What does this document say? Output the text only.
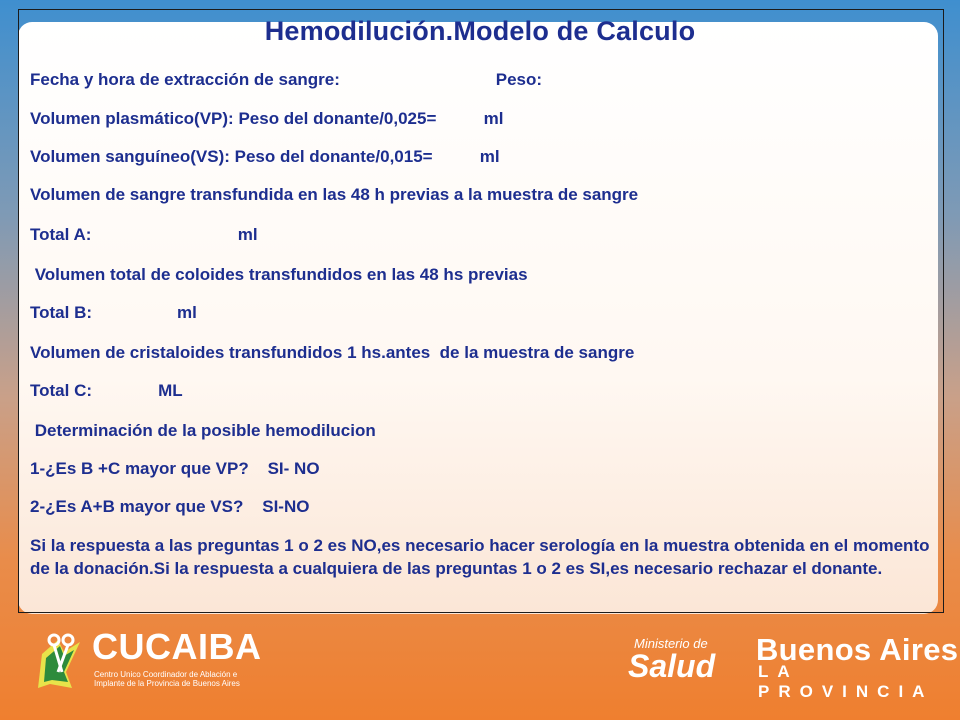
Hemodilución.Modelo de Calculo
Fecha y hora de extracción de sangre:                                 Peso:
Volumen plasmático(VP): Peso del donante/0,025=          ml
Volumen sanguíneo(VS): Peso del donante/0,015=          ml
Volumen de sangre transfundida en las 48 h previas a la muestra de sangre
Total A:                               ml
Volumen total de coloides transfundidos en las 48 hs previas
Total B:                  ml
Volumen de cristaloides transfundidos 1 hs.antes  de la muestra de sangre
Total C:              ML
Determinación de la posible hemodilucion
1-¿Es B +C mayor que VP?    SI- NO
2-¿Es A+B mayor que VS?    SI-NO
Si la respuesta a las preguntas 1 o 2 es NO,es necesario hacer serología en la muestra obtenida en el momento de la donación.Si la respuesta a cualquiera de las preguntas 1 o 2 es SI,es necesario rechazar el donante.
CUCAIBA
Centro Unico Coordinador de Ablación e Implante de la Provincia de Buenos Aires
Ministerio de
Salud Buenos Aires
LA PROVINCIA
